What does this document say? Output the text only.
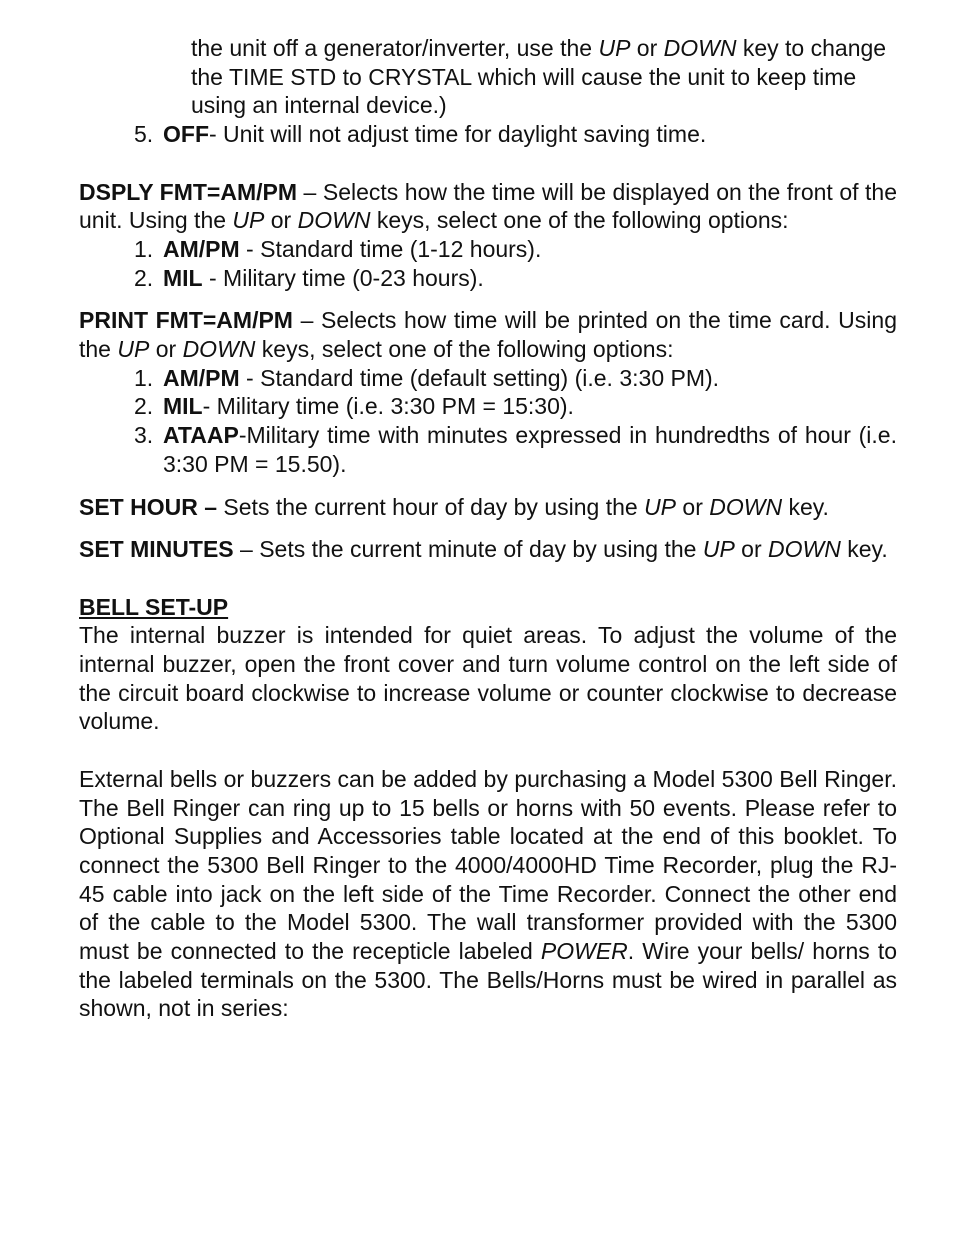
the unit off a generator/inverter, use the UP or DOWN key to change the TIME STD to CRYSTAL which will cause the unit to keep time using an internal device.)

5. OFF- Unit will not adjust time for daylight saving time.

DSPLY FMT=AM/PM – Selects how the time will be displayed on the front of the unit. Using the UP or DOWN keys, select one of the following options:

1. AM/PM - Standard time (1-12 hours).
2. MIL - Military time (0-23 hours).

PRINT FMT=AM/PM – Selects how time will be printed on the time card. Using the UP or DOWN keys, select one of the following options:

1. AM/PM - Standard time (default setting) (i.e. 3:30 PM).
2. MIL- Military time (i.e. 3:30 PM = 15:30).
3. ATAAP-Military time with minutes expressed in hundredths of hour (i.e. 3:30 PM = 15.50).

SET HOUR – Sets the current hour of day by using the UP or DOWN key.

SET MINUTES – Sets the current minute of day by using the UP or DOWN key.

BELL SET-UP

The internal buzzer is intended for quiet areas. To adjust the volume of the internal buzzer, open the front cover and turn volume control on the left side of the circuit board clockwise to increase volume or counter clockwise to decrease volume.

External bells or buzzers can be added by purchasing a Model 5300 Bell Ringer. The Bell Ringer can ring up to 15 bells or horns with 50 events. Please refer to Optional Supplies and Accessories table located at the end of this booklet. To connect the 5300 Bell Ringer to the 4000/4000HD Time Recorder, plug the RJ-45 cable into jack on the left side of the Time Recorder. Connect the other end of the cable to the Model 5300. The wall transformer provided with the 5300 must be connected to the recepticle labeled POWER. Wire your bells/ horns to the labeled terminals on the 5300. The Bells/Horns must be wired in parallel as shown, not in series:
